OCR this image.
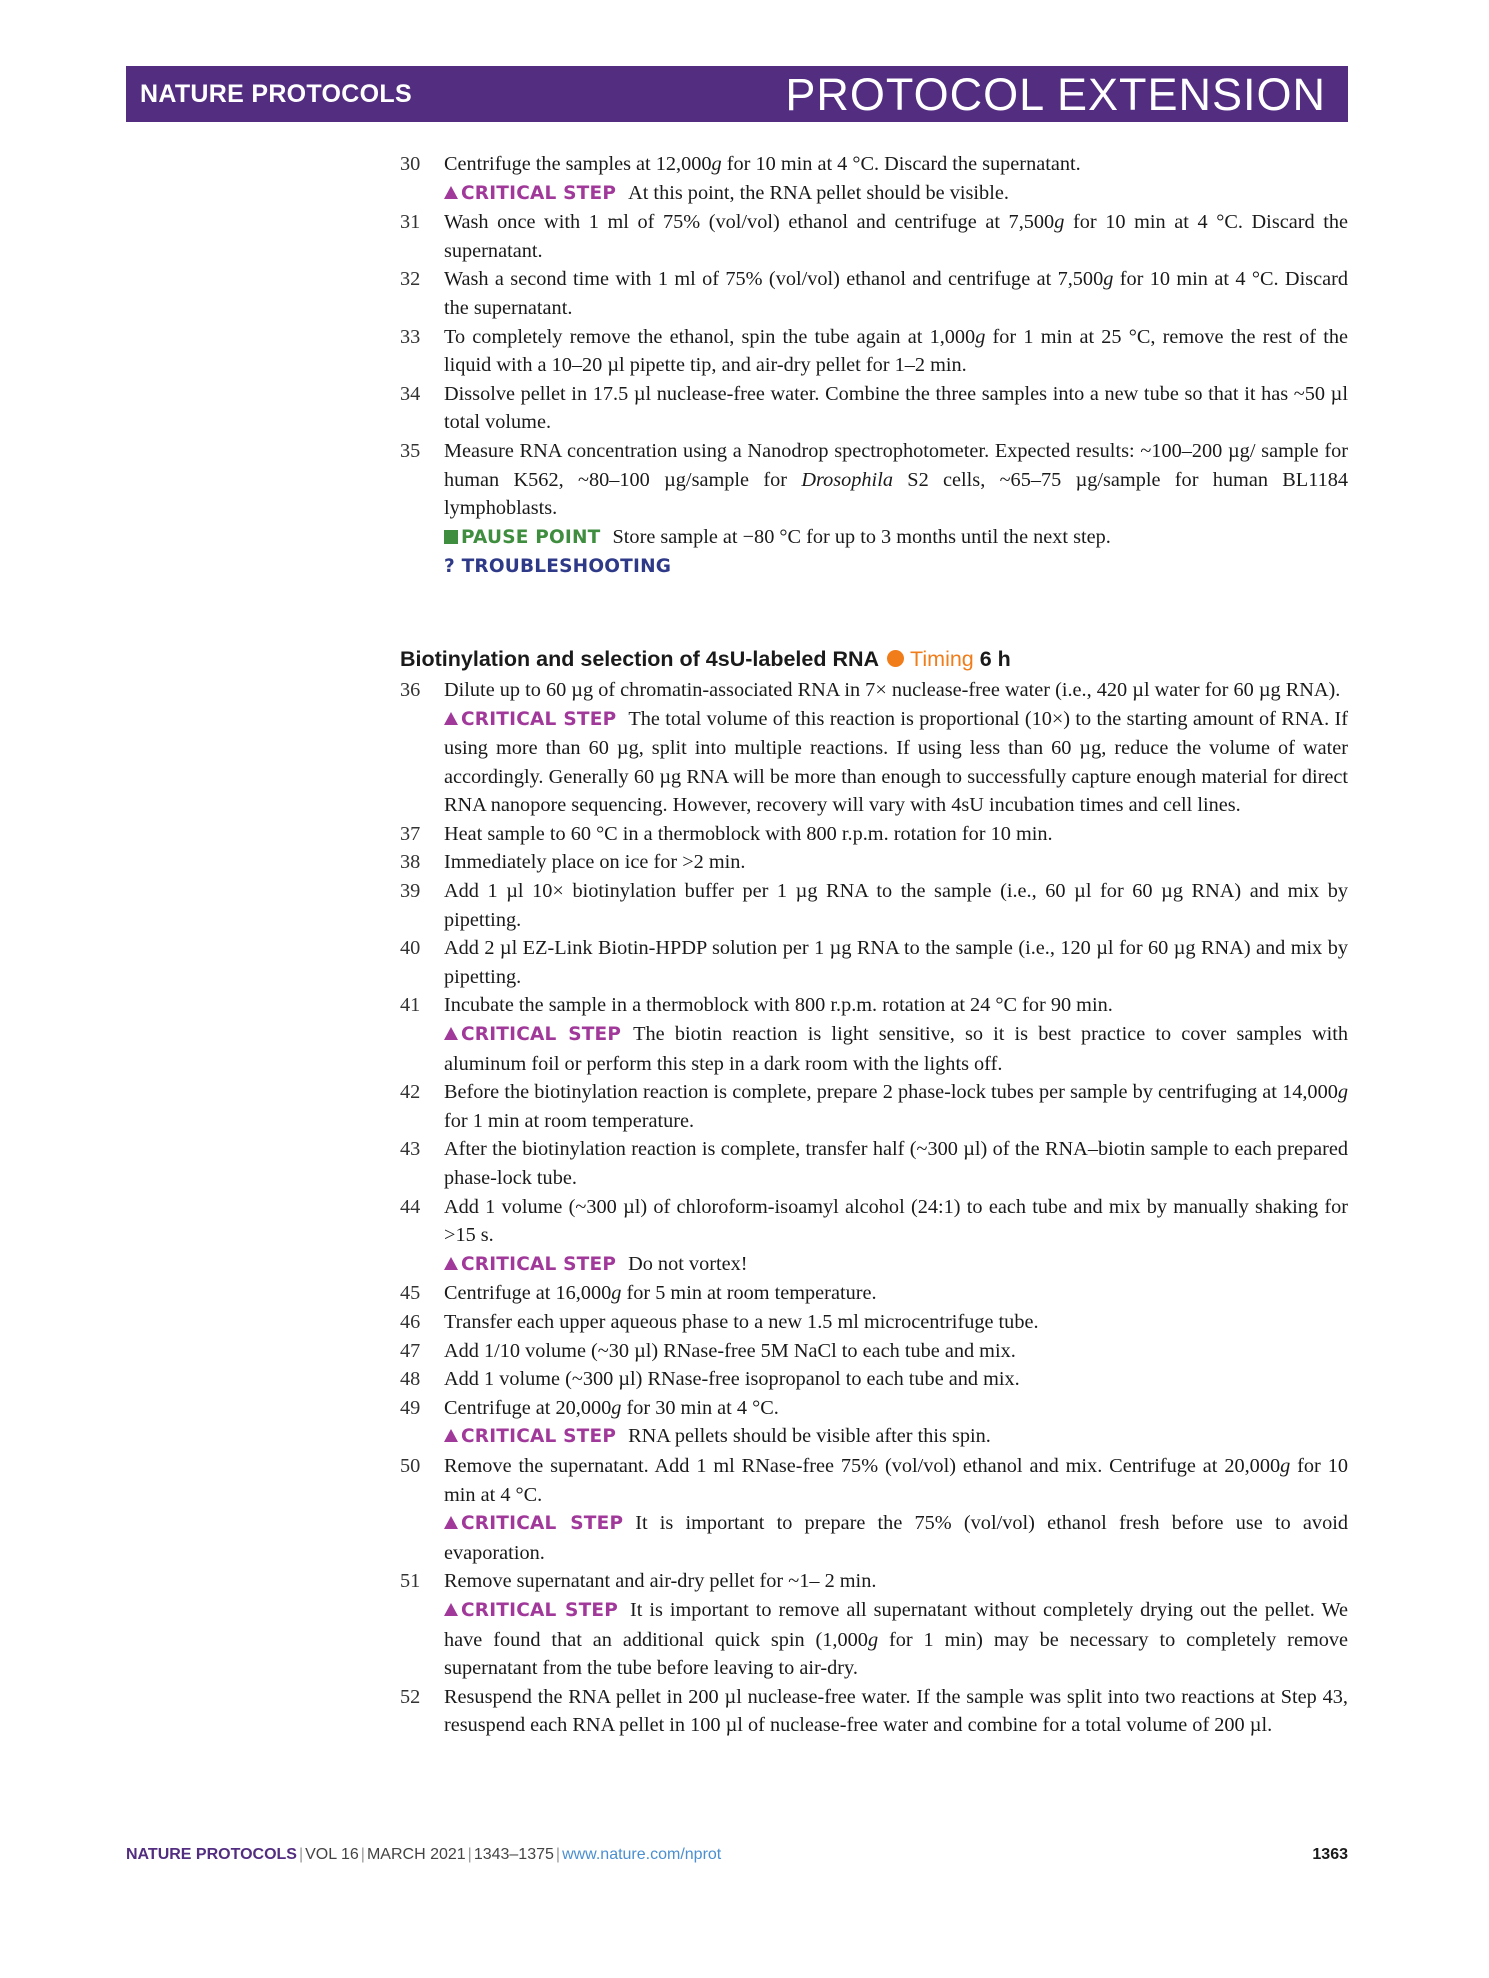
NATURE PROTOCOLS	PROTOCOL EXTENSION
30	Centrifuge the samples at 12,000g for 10 min at 4 °C. Discard the supernatant.
CRITICAL STEP At this point, the RNA pellet should be visible.
31	Wash once with 1 ml of 75% (vol/vol) ethanol and centrifuge at 7,500g for 10 min at 4 °C. Discard the supernatant.
32	Wash a second time with 1 ml of 75% (vol/vol) ethanol and centrifuge at 7,500g for 10 min at 4 °C. Discard the supernatant.
33	To completely remove the ethanol, spin the tube again at 1,000g for 1 min at 25 °C, remove the rest of the liquid with a 10–20 µl pipette tip, and air-dry pellet for 1–2 min.
34	Dissolve pellet in 17.5 µl nuclease-free water. Combine the three samples into a new tube so that it has ~50 µl total volume.
35	Measure RNA concentration using a Nanodrop spectrophotometer. Expected results: ~100–200 µg/ sample for human K562, ~80–100 µg/sample for Drosophila S2 cells, ~65–75 µg/sample for human BL1184 lymphoblasts.
PAUSE POINT Store sample at −80 °C for up to 3 months until the next step.
? TROUBLESHOOTING
Biotinylation and selection of 4sU-labeled RNA Timing 6 h
36	Dilute up to 60 µg of chromatin-associated RNA in 7× nuclease-free water (i.e., 420 µl water for 60 µg RNA).
CRITICAL STEP The total volume of this reaction is proportional (10×) to the starting amount of RNA. If using more than 60 µg, split into multiple reactions. If using less than 60 µg, reduce the volume of water accordingly. Generally 60 µg RNA will be more than enough to successfully capture enough material for direct RNA nanopore sequencing. However, recovery will vary with 4sU incubation times and cell lines.
37	Heat sample to 60 °C in a thermoblock with 800 r.p.m. rotation for 10 min.
38	Immediately place on ice for >2 min.
39	Add 1 µl 10× biotinylation buffer per 1 µg RNA to the sample (i.e., 60 µl for 60 µg RNA) and mix by pipetting.
40	Add 2 µl EZ-Link Biotin-HPDP solution per 1 µg RNA to the sample (i.e., 120 µl for 60 µg RNA) and mix by pipetting.
41	Incubate the sample in a thermoblock with 800 r.p.m. rotation at 24 °C for 90 min.
CRITICAL STEP The biotin reaction is light sensitive, so it is best practice to cover samples with aluminum foil or perform this step in a dark room with the lights off.
42	Before the biotinylation reaction is complete, prepare 2 phase-lock tubes per sample by centrifuging at 14,000g for 1 min at room temperature.
43	After the biotinylation reaction is complete, transfer half (~300 µl) of the RNA–biotin sample to each prepared phase-lock tube.
44	Add 1 volume (~300 µl) of chloroform-isoamyl alcohol (24:1) to each tube and mix by manually shaking for >15 s.
CRITICAL STEP Do not vortex!
45	Centrifuge at 16,000g for 5 min at room temperature.
46	Transfer each upper aqueous phase to a new 1.5 ml microcentrifuge tube.
47	Add 1/10 volume (~30 µl) RNase-free 5M NaCl to each tube and mix.
48	Add 1 volume (~300 µl) RNase-free isopropanol to each tube and mix.
49	Centrifuge at 20,000g for 30 min at 4 °C.
CRITICAL STEP RNA pellets should be visible after this spin.
50	Remove the supernatant. Add 1 ml RNase-free 75% (vol/vol) ethanol and mix. Centrifuge at 20,000g for 10 min at 4 °C.
CRITICAL STEP It is important to prepare the 75% (vol/vol) ethanol fresh before use to avoid evaporation.
51	Remove supernatant and air-dry pellet for ~1– 2 min.
CRITICAL STEP It is important to remove all supernatant without completely drying out the pellet. We have found that an additional quick spin (1,000g for 1 min) may be necessary to completely remove supernatant from the tube before leaving to air-dry.
52	Resuspend the RNA pellet in 200 µl nuclease-free water. If the sample was split into two reactions at Step 43, resuspend each RNA pellet in 100 µl of nuclease-free water and combine for a total volume of 200 µl.
NATURE PROTOCOLS | VOL 16 | MARCH 2021 | 1343–1375 | www.nature.com/nprot	1363
